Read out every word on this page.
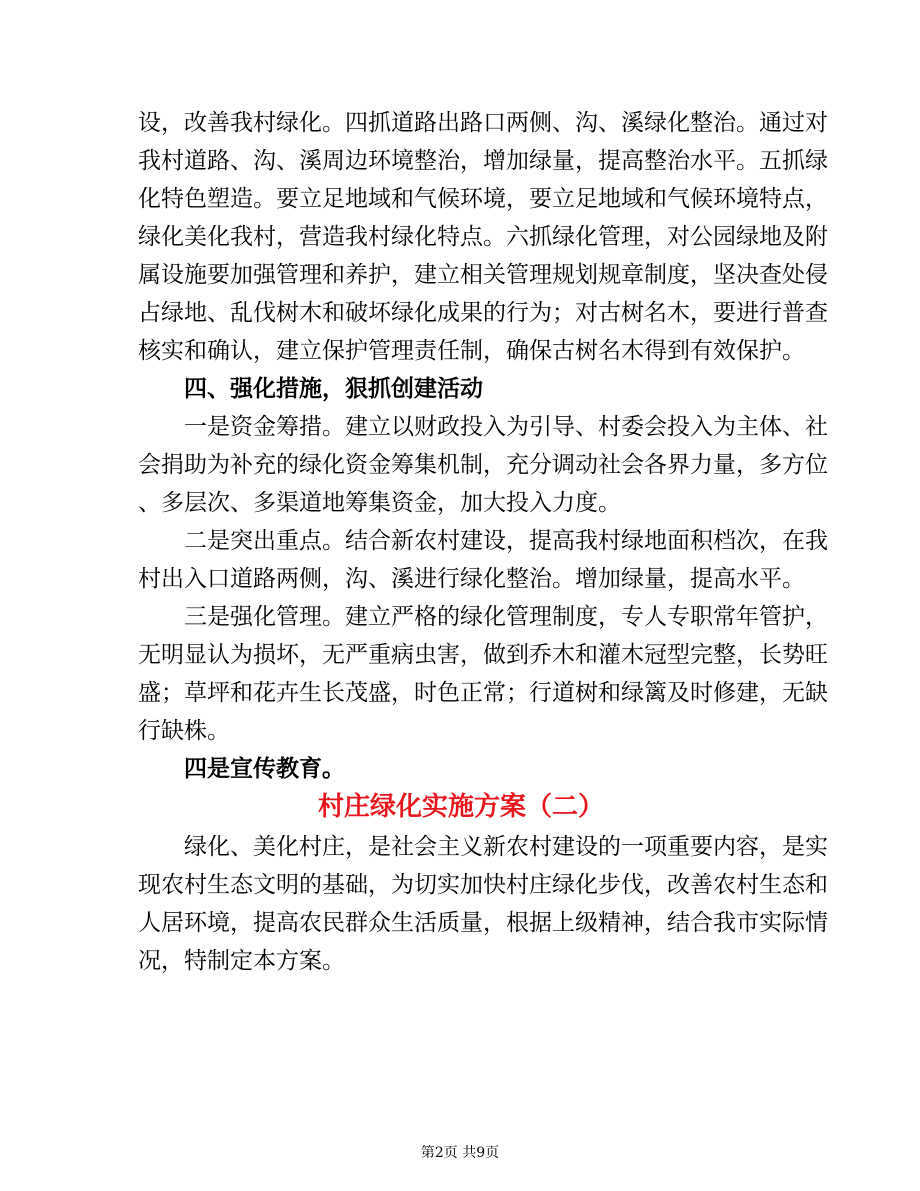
设，改善我村绿化。四抓道路出路口两侧、沟、溪绿化整治。通过对

我村道路、沟、溪周边环境整治，增加绿量，提高整治水平。五抓绿

化特色塑造。要立足地域和气候环境，要立足地域和气候环境特点，

绿化美化我村，营造我村绿化特点。六抓绿化管理，对公园绿地及附

属设施要加强管理和养护，建立相关管理规划规章制度，坚决查处侵

占绿地、乱伐树木和破坏绿化成果的行为；对古树名木，要进行普查

核实和确认，建立保护管理责任制，确保古树名木得到有效保护。

四、强化措施，狠抓创建活动

一是资金筹措。建立以财政投入为引导、村委会投入为主体、社

会捐助为补充的绿化资金筹集机制，充分调动社会各界力量，多方位

、多层次、多渠道地筹集资金，加大投入力度。

二是突出重点。结合新农村建设，提高我村绿地面积档次，在我

村出入口道路两侧，沟、溪进行绿化整治。增加绿量，提高水平。

三是强化管理。建立严格的绿化管理制度，专人专职常年管护，

无明显认为损坏，无严重病虫害，做到乔木和灌木冠型完整，长势旺

盛；草坪和花卉生长茂盛，时色正常；行道树和绿篱及时修建，无缺

行缺株。

四是宣传教育。

村庄绿化实施方案（二）

绿化、美化村庄，是社会主义新农村建设的一项重要内容，是实

现农村生态文明的基础，为切实加快村庄绿化步伐，改善农村生态和

人居环境，提高农民群众生活质量，根据上级精神，结合我市实际情

况，特制定本方案。

第2页 共9页
